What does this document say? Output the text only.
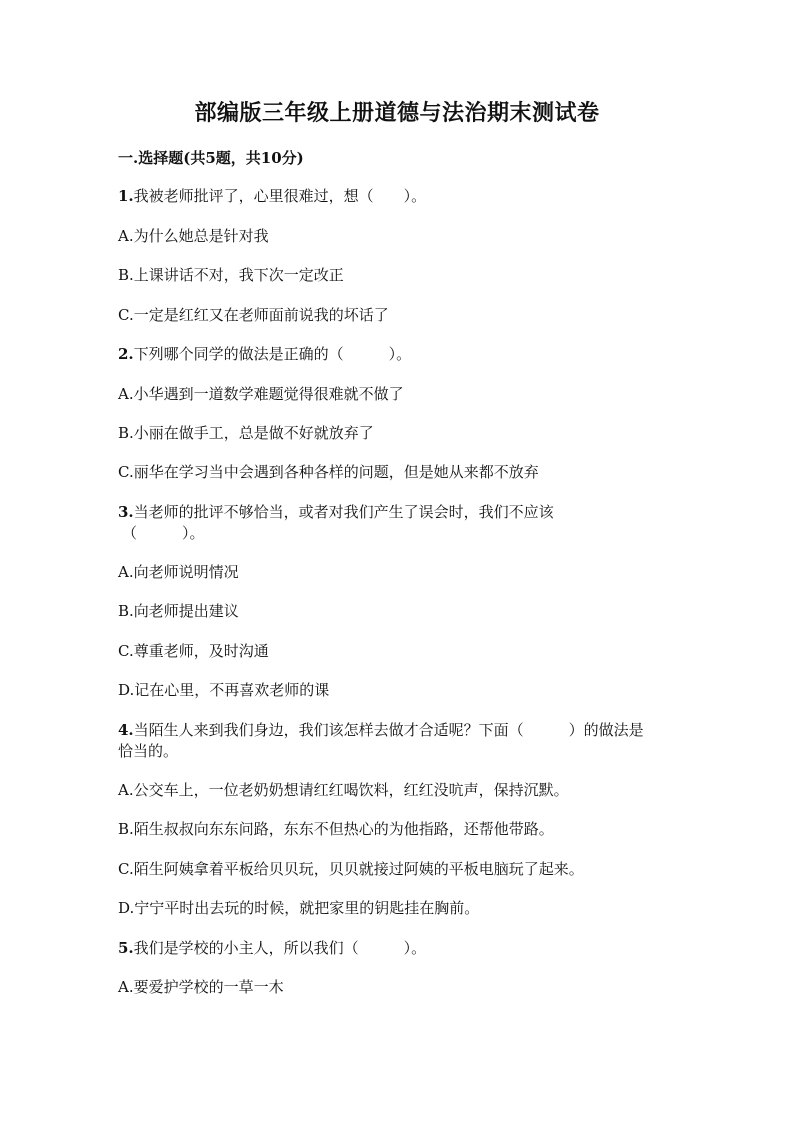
部编版三年级上册道德与法治期末测试卷
一.选择题(共5题，共10分)
1.我被老师批评了，心里很难过，想（　　）。
A.为什么她总是针对我
B.上课讲话不对，我下次一定改正
C.一定是红红又在老师面前说我的坏话了
2.下列哪个同学的做法是正确的（　　　）。
A.小华遇到一道数学难题觉得很难就不做了
B.小丽在做手工，总是做不好就放弃了
C.丽华在学习当中会遇到各种各样的问题，但是她从来都不放弃
3.当老师的批评不够恰当，或者对我们产生了误会时，我们不应该
（　　　）。
A.向老师说明情况
B.向老师提出建议
C.尊重老师，及时沟通
D.记在心里，不再喜欢老师的课
4.当陌生人来到我们身边，我们该怎样去做才合适呢？下面（　　　）的做法是
恰当的。
A.公交车上，一位老奶奶想请红红喝饮料，红红没吭声，保持沉默。
B.陌生叔叔向东东问路，东东不但热心的为他指路，还帮他带路。
C.陌生阿姨拿着平板给贝贝玩，贝贝就接过阿姨的平板电脑玩了起来。
D.宁宁平时出去玩的时候，就把家里的钥匙挂在胸前。
5.我们是学校的小主人，所以我们（　　　）。
A.要爱护学校的一草一木
